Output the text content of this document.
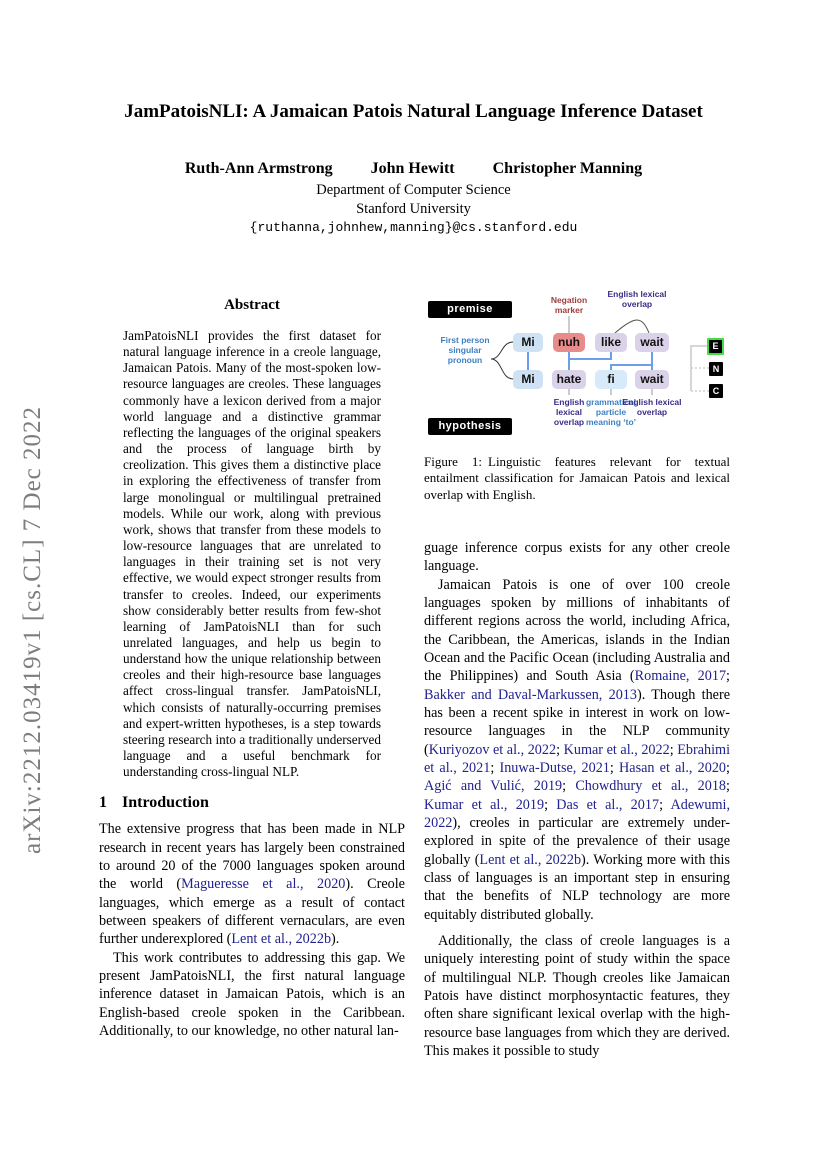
arXiv:2212.03419v1 [cs.CL] 7 Dec 2022
JamPatoisNLI: A Jamaican Patois Natural Language Inference Dataset
Ruth-Ann Armstrong John Hewitt Christopher Manning
Department of Computer Science
Stanford University
{ruthanna,johnhew,manning}@cs.stanford.edu
Abstract

JamPatoisNLI provides the first dataset for natural language inference in a creole language, Jamaican Patois. Many of the most-spoken low-resource languages are creoles. These languages commonly have a lexicon derived from a major world language and a distinctive grammar reflecting the languages of the original speakers and the process of language birth by creolization. This gives them a distinctive place in exploring the effectiveness of transfer from large monolingual or multilingual pretrained models. While our work, along with previous work, shows that transfer from these models to low-resource languages that are unrelated to languages in their training set is not very effective, we would expect stronger results from transfer to creoles. Indeed, our experiments show considerably better results from few-shot learning of JamPatoisNLI than for such unrelated languages, and help us begin to understand how the unique relationship between creoles and their high-resource base languages affect cross-lingual transfer. JamPatoisNLI, which consists of naturally-occurring premises and expert-written hypotheses, is a step towards steering research into a traditionally underserved language and a useful benchmark for understanding cross-lingual NLP.

1 Introduction

The extensive progress that has been made in NLP research in recent years has largely been constrained to around 20 of the 7000 languages spoken around the world (Magueresse et al., 2020). Creole languages, which emerge as a result of contact between speakers of different vernaculars, are even further underexplored (Lent et al., 2022b).

This work contributes to addressing this gap. We present JamPatoisNLI, the first natural language inference dataset in Jamaican Patois, which is an English-based creole spoken in the Caribbean. Additionally, to our knowledge, no other natural lan-

premise
hypothesis
Negation marker
English lexical overlap
First person singular pronoun
English lexical overlap
grammatical particle meaning ‘to’
English lexical overlap
Mi	nuh	like	wait
Mi	hate	fi	wait
E
N
C

Figure 1: Linguistic features relevant for textual entailment classification for Jamaican Patois and lexical overlap with English.

guage inference corpus exists for any other creole language.

Jamaican Patois is one of over 100 creole languages spoken by millions of inhabitants of different regions across the world, including Africa, the Caribbean, the Americas, islands in the Indian Ocean and the Pacific Ocean (including Australia and the Philippines) and South Asia (Romaine, 2017; Bakker and Daval-Markussen, 2013). Though there has been a recent spike in interest in work on low-resource languages in the NLP community (Kuriyozov et al., 2022; Kumar et al., 2022; Ebrahimi et al., 2021; Inuwa-Dutse, 2021; Hasan et al., 2020; Agić and Vulić, 2019; Chowdhury et al., 2018; Kumar et al., 2019; Das et al., 2017; Adewumi, 2022), creoles in particular are extremely under-explored in spite of the prevalence of their usage globally (Lent et al., 2022b). Working more with this class of languages is an important step in ensuring that the benefits of NLP technology are more equitably distributed globally.

Additionally, the class of creole languages is a uniquely interesting point of study within the space of multilingual NLP. Though creoles like Jamaican Patois have distinct morphosyntactic features, they often share significant lexical overlap with the high-resource base languages from which they are derived. This makes it possible to study
